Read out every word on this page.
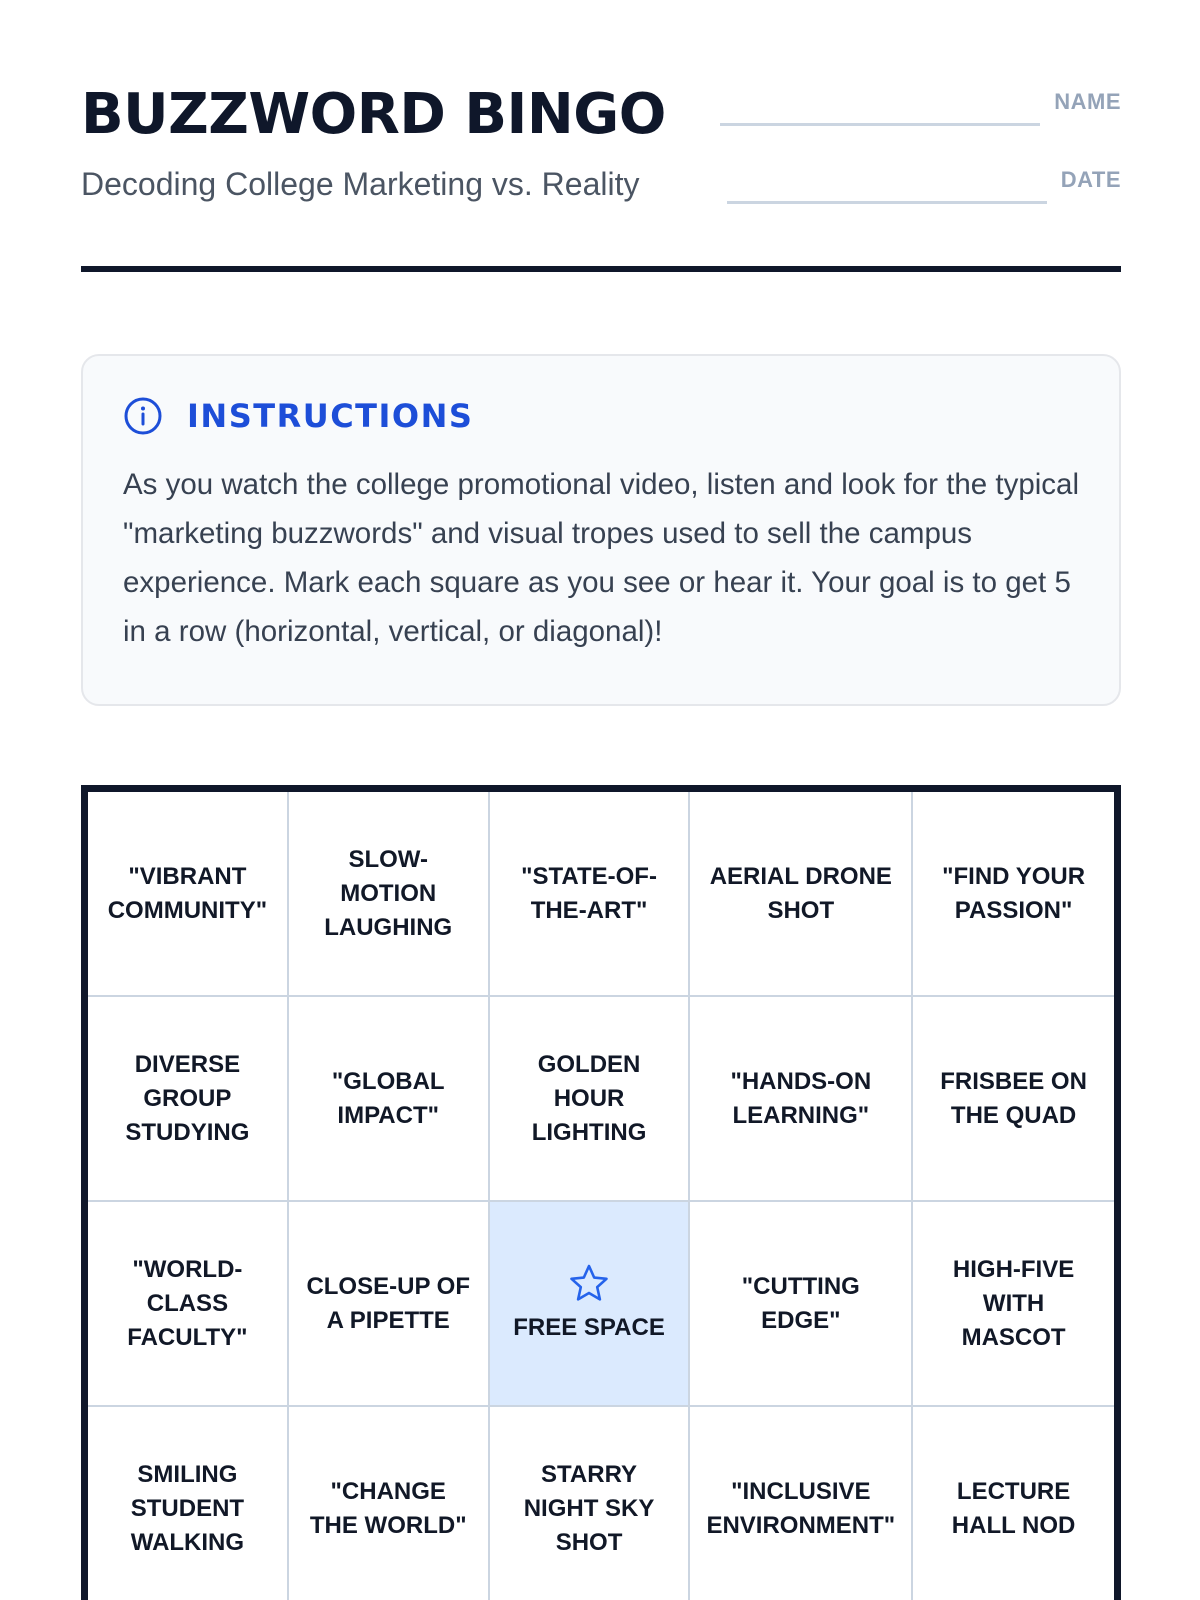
BUZZWORD BINGO
Decoding College Marketing vs. Reality
NAME
DATE
INSTRUCTIONS
As you watch the college promotional video, listen and look for the typical "marketing buzzwords" and visual tropes used to sell the campus experience. Mark each square as you see or hear it. Your goal is to get 5 in a row (horizontal, vertical, or diagonal)!
"VIBRANT COMMUNITY"
SLOW-MOTION LAUGHING
"STATE-OF-THE-ART"
AERIAL DRONE SHOT
"FIND YOUR PASSION"
DIVERSE GROUP STUDYING
"GLOBAL IMPACT"
GOLDEN HOUR LIGHTING
"HANDS-ON LEARNING"
FRISBEE ON THE QUAD
"WORLD-CLASS FACULTY"
CLOSE-UP OF A PIPETTE	FREE SPACE
"CUTTING EDGE"
HIGH-FIVE WITH MASCOT
SMILING STUDENT WALKING
"CHANGE THE WORLD"
STARRY NIGHT SKY SHOT
"INCLUSIVE ENVIRONMENT"
LECTURE HALL NOD
